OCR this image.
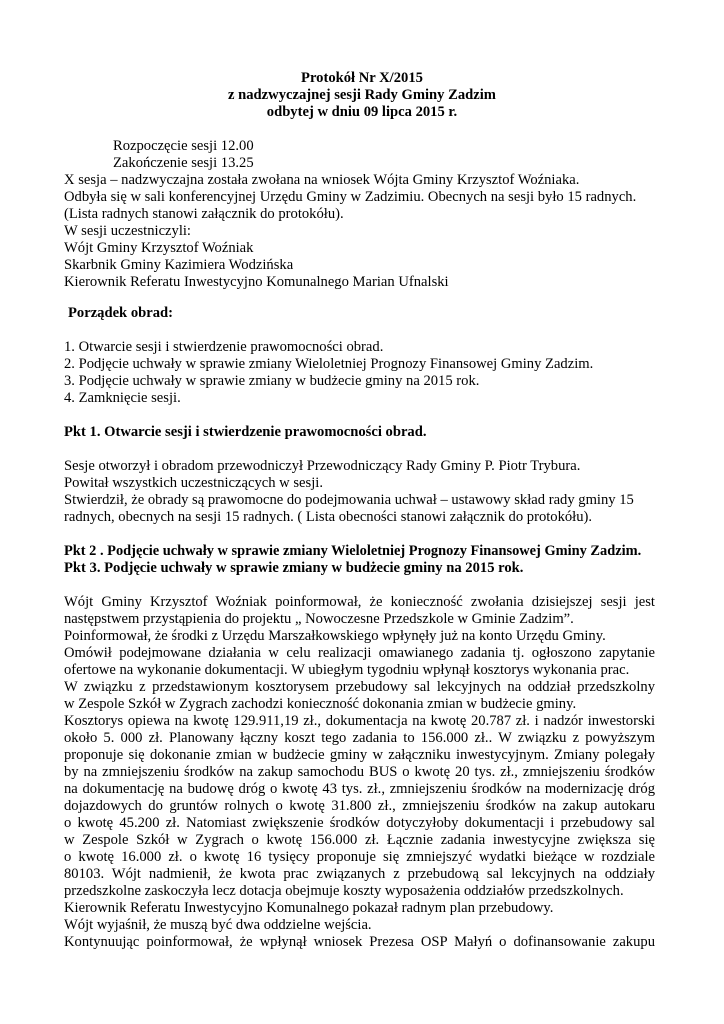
Protokół Nr X/2015
z nadzwyczajnej sesji Rady Gminy Zadzim
odbytej w dniu 09 lipca 2015 r.
Rozpoczęcie sesji 12.00
Zakończenie sesji 13.25
X sesja – nadzwyczajna została zwołana na wniosek Wójta Gminy Krzysztof Woźniaka.
Odbyła się w sali konferencyjnej Urzędu Gminy w Zadzimiu. Obecnych na sesji było 15 radnych.
(Lista radnych stanowi załącznik do protokółu).
W sesji uczestniczyli:
Wójt Gminy Krzysztof Woźniak
Skarbnik Gminy Kazimiera Wodzińska
Kierownik Referatu Inwestycyjno Komunalnego Marian Ufnalski
Porządek obrad:
1. Otwarcie sesji i stwierdzenie prawomocności obrad.
2. Podjęcie uchwały w sprawie zmiany Wieloletniej Prognozy Finansowej Gminy Zadzim.
3. Podjęcie uchwały w sprawie zmiany w budżecie gminy na 2015 rok.
4. Zamknięcie sesji.
Pkt 1. Otwarcie sesji i stwierdzenie prawomocności obrad.
Sesje otworzył i obradom przewodniczył Przewodniczący Rady Gminy P. Piotr Trybura.
Powitał wszystkich uczestniczących w sesji.
Stwierdził, że obrady są prawomocne do podejmowania uchwał – ustawowy skład rady gminy 15
radnych, obecnych na sesji 15 radnych. ( Lista obecności stanowi załącznik do protokółu).
Pkt 2 . Podjęcie uchwały w sprawie zmiany Wieloletniej Prognozy Finansowej Gminy Zadzim.
Pkt 3. Podjęcie uchwały w sprawie zmiany w budżecie gminy na 2015 rok.
Wójt Gminy Krzysztof Woźniak poinformował, że konieczność zwołania dzisiejszej sesji jest
następstwem przystąpienia do projektu „ Nowoczesne Przedszkole w Gminie Zadzim”.
Poinformował, że środki z Urzędu Marszałkowskiego wpłynęły już na konto Urzędu Gminy.
Omówił podejmowane działania w celu realizacji omawianego zadania tj. ogłoszono zapytanie
ofertowe na wykonanie dokumentacji. W ubiegłym tygodniu wpłynął kosztorys wykonania prac.
W związku z przedstawionym kosztorysem przebudowy sal lekcyjnych na oddział przedszkolny
w Zespole Szkół w Zygrach zachodzi konieczność dokonania zmian w budżecie gminy.
Kosztorys opiewa na kwotę 129.911,19 zł., dokumentacja na kwotę 20.787 zł. i nadzór inwestorski
około 5. 000 zł. Planowany łączny koszt tego zadania to 156.000 zł.. W związku z powyższym
proponuje się dokonanie zmian w budżecie gminy w załączniku inwestycyjnym. Zmiany polegały
by na zmniejszeniu środków na zakup samochodu BUS o kwotę 20 tys. zł., zmniejszeniu środków
na dokumentację na budowę dróg o kwotę 43 tys. zł., zmniejszeniu środków na modernizację dróg
dojazdowych do gruntów rolnych o kwotę 31.800 zł., zmniejszeniu środków na zakup autokaru
o kwotę 45.200 zł. Natomiast zwiększenie środków dotyczyłoby dokumentacji i przebudowy sal
w Zespole Szkół w Zygrach o kwotę 156.000 zł. Łącznie zadania inwestycyjne zwiększa się
o kwotę 16.000 zł. o kwotę 16 tysięcy proponuje się zmniejszyć wydatki bieżące w rozdziale
80103. Wójt nadmienił, że kwota prac związanych z przebudową sal lekcyjnych na oddziały
przedszkolne zaskoczyła lecz dotacja obejmuje koszty wyposażenia oddziałów przedszkolnych.
Kierownik Referatu Inwestycyjno Komunalnego pokazał radnym plan przebudowy.
Wójt wyjaśnił, że muszą być dwa oddzielne wejścia.
Kontynuując poinformował, że wpłynął wniosek Prezesa OSP Małyń o dofinansowanie zakupu
